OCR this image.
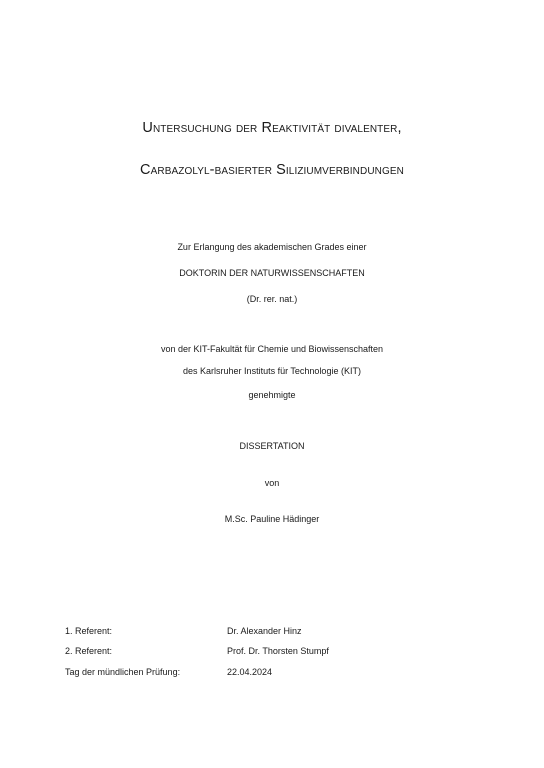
Untersuchung der Reaktivität divalenter,
Carbazolyl-basierter Siliziumverbindungen
Zur Erlangung des akademischen Grades einer
DOKTORIN DER NATURWISSENSCHAFTEN
(Dr. rer. nat.)
von der KIT-Fakultät für Chemie und Biowissenschaften
des Karlsruher Instituts für Technologie (KIT)
genehmigte
DISSERTATION
von
M.Sc. Pauline Hädinger
1. Referent:	Dr. Alexander Hinz
2. Referent:	Prof. Dr. Thorsten Stumpf
Tag der mündlichen Prüfung:	22.04.2024
